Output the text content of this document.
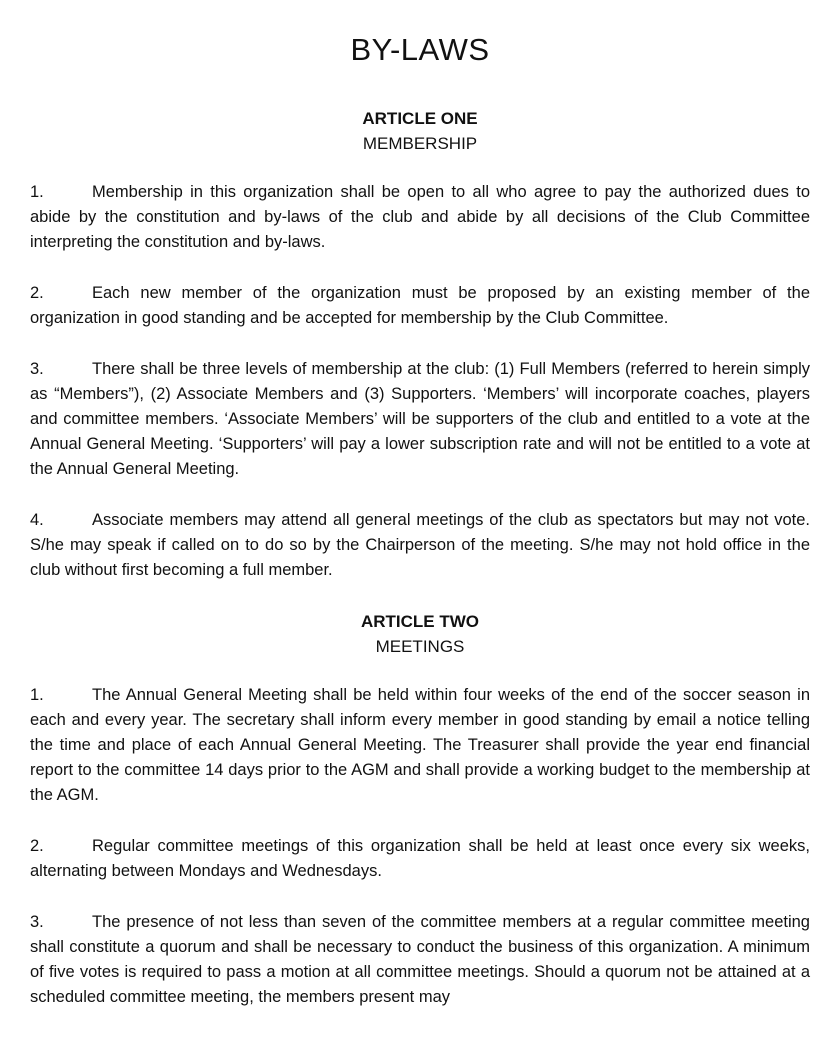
BY-LAWS
ARTICLE ONE
MEMBERSHIP

1.	Membership in this organization shall be open to all who agree to pay the authorized dues to abide by the constitution and by-laws of the club and abide by all decisions of the Club Committee interpreting the constitution and by-laws.

2.	Each new member of the organization must be proposed by an existing member of the organization in good standing and be accepted for membership by the Club Committee.

3.	There shall be three levels of membership at the club: (1) Full Members (referred to herein simply as “Members”), (2) Associate Members and (3) Supporters. ‘Members’ will incorporate coaches, players and committee members. ‘Associate Members’ will be supporters of the club and entitled to a vote at the Annual General Meeting. ‘Supporters’ will pay a lower subscription rate and will not be entitled to a vote at the Annual General Meeting.

4.	Associate members may attend all general meetings of the club as spectators but may not vote. S/he may speak if called on to do so by the Chairperson of the meeting. S/he may not hold office in the club without first becoming a full member.

ARTICLE TWO
MEETINGS

1.	The Annual General Meeting shall be held within four weeks of the end of the soccer season in each and every year. The secretary shall inform every member in good standing by email a notice telling the time and place of each Annual General Meeting. The Treasurer shall provide the year end financial report to the committee 14 days prior to the AGM and shall provide a working budget to the membership at the AGM.

2.	Regular committee meetings of this organization shall be held at least once every six weeks, alternating between Mondays and Wednesdays.

3.	The presence of not less than seven of the committee members at a regular committee meeting shall constitute a quorum and shall be necessary to conduct the business of this organization. A minimum of five votes is required to pass a motion at all committee meetings. Should a quorum not be attained at a scheduled committee meeting, the members present may
